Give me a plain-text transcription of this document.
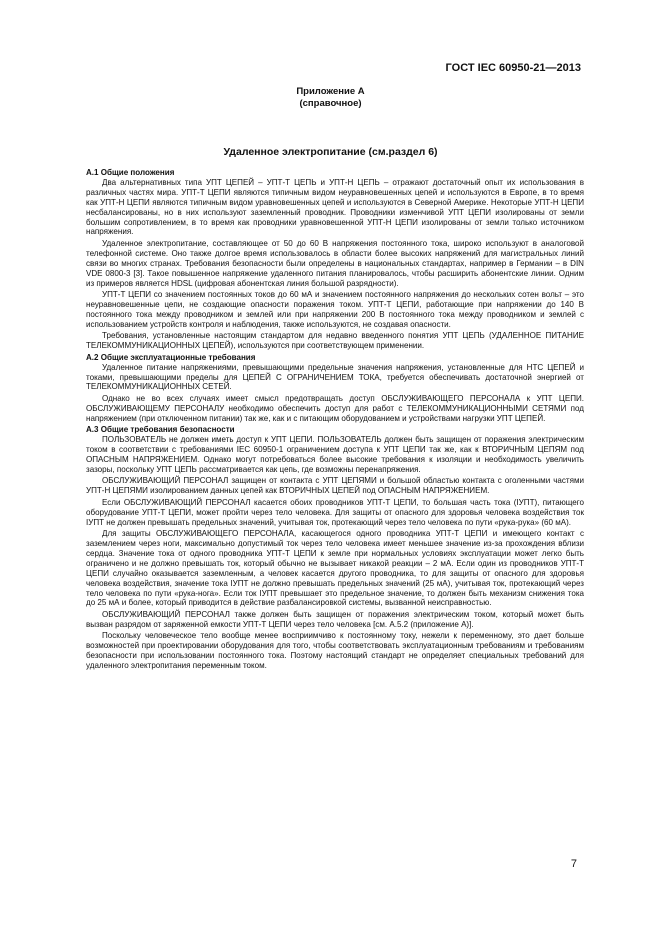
ГОСТ IEC 60950-21—2013
Приложение А
(справочное)
Удаленное электропитание (см.раздел 6)
А.1 Общие положения

Два альтернативных типа УПТ ЦЕПЕЙ – УПТ-Т ЦЕПЬ и УПТ-Н ЦЕПЬ – отражают достаточный опыт их использования в различных частях мира. УПТ-Т ЦЕПИ являются типичным видом неуравновешенных цепей и используются в Европе, в то время как УПТ-Н ЦЕПИ являются типичным видом уравновешенных цепей и используются в Северной Америке. Некоторые УПТ-Н ЦЕПИ несбалансированы, но в них используют заземленный проводник. Проводники изменчивой УПТ ЦЕПИ изолированы от земли большим сопротивлением, в то время как проводники уравновешенной УПТ-Н ЦЕПИ изолированы от земли только источником напряжения.

Удаленное электропитание, составляющее от 50 до 60 В напряжения постоянного тока, широко используют в аналоговой телефонной системе. Оно также долгое время использовалось в области более высоких напряжений для магистральных линий связи во многих странах. Требования безопасности были определены в национальных стандартах, например в Германии – в DIN VDE 0800-3 [3]. Такое повышенное напряжение удаленного питания планировалось, чтобы расширить абонентские линии. Одним из примеров является HDSL (цифровая абонентская линия большой разрядности).

УПТ-Т ЦЕПИ со значением постоянных токов до 60 мА и значением постоянного напряжения до нескольких сотен вольт – это неуравновешенные цепи, не создающие опасности поражения током. УПТ-Т ЦЕПИ, работающие при напряжении до 140 В постоянного тока между проводником и землей или при напряжении 200 В постоянного тока между проводником и землей с использованием устройств контроля и наблюдения, также используются, не создавая опасности.

Требования, установленные настоящим стандартом для недавно введенного понятия УПТ ЦЕПЬ (УДАЛЕННОЕ ПИТАНИЕ ТЕЛЕКОММУНИКАЦИОННЫХ ЦЕПЕЙ), используются при соответствующем применении.

А.2 Общие эксплуатационные требования

Удаленное питание напряжениями, превышающими предельные значения напряжения, установленные для НТС ЦЕПЕЙ и токами, превышающими пределы для ЦЕПЕЙ С ОГРАНИЧЕНИЕМ ТОКА, требуется обеспечивать достаточной энергией от ТЕЛЕКОММУНИКАЦИОННЫХ СЕТЕЙ.

Однако не во всех случаях имеет смысл предотвращать доступ ОБСЛУЖИВАЮЩЕГО ПЕРСОНАЛА к УПТ ЦЕПИ. ОБСЛУЖИВАЮЩЕМУ ПЕРСОНАЛУ необходимо обеспечить доступ для работ с ТЕЛЕКОММУНИКАЦИОННЫМИ СЕТЯМИ под напряжением (при отключенном питании) так же, как и с питающим оборудованием и устройствами нагрузки УПТ ЦЕПЕЙ.

А.3 Общие требования безопасности

ПОЛЬЗОВАТЕЛЬ не должен иметь доступ к УПТ ЦЕПИ. ПОЛЬЗОВАТЕЛЬ должен быть защищен от поражения электрическим током в соответствии с требованиями IEC 60950-1 ограничением доступа к УПТ ЦЕПИ так же, как к ВТОРИЧНЫМ ЦЕПЯМ под ОПАСНЫМ НАПРЯЖЕНИЕМ. Однако могут потребоваться более высокие требования к изоляции и необходимость увеличить зазоры, поскольку УПТ ЦЕПЬ рассматривается как цепь, где возможны перенапряжения.

ОБСЛУЖИВАЮЩИЙ ПЕРСОНАЛ защищен от контакта с УПТ ЦЕПЯМИ и большой областью контакта с оголенными частями УПТ-Н ЦЕПЯМИ изолированием данных цепей как ВТОРИЧНЫХ ЦЕПЕЙ под ОПАСНЫМ НАПРЯЖЕНИЕМ.

Если ОБСЛУЖИВАЮЩИЙ ПЕРСОНАЛ касается обоих проводников УПТ-Т ЦЕПИ, то большая часть тока (IУПТ), питающего оборудование УПТ-Т ЦЕПИ, может пройти через тело человека. Для защиты от опасного для здоровья человека воздействия ток IУПТ не должен превышать предельных значений, учитывая ток, протекающий через тело человека по пути «рука-рука» (60 мА).

Для защиты ОБСЛУЖИВАЮЩЕГО ПЕРСОНАЛА, касающегося одного проводника УПТ-Т ЦЕПИ и имеющего контакт с заземлением через ноги, максимально допустимый ток через тело человека имеет меньшее значение из-за прохождения вблизи сердца. Значение тока от одного проводника УПТ-Т ЦЕПИ к земле при нормальных условиях эксплуатации может легко быть ограничено и не должно превышать ток, который обычно не вызывает никакой реакции – 2 мА. Если один из проводников УПТ-Т ЦЕПИ случайно оказывается заземленным, а человек касается другого проводника, то для защиты от опасного для здоровья человека воздействия, значение тока IУПТ не должно превышать предельных значений (25 мА), учитывая ток, протекающий через тело человека по пути «рука-нога». Если ток IУПТ превышает это предельное значение, то должен быть механизм снижения тока до 25 мА и более, который приводится в действие разбалансировкой системы, вызванной неисправностью.

ОБСЛУЖИВАЮЩИЙ ПЕРСОНАЛ также должен быть защищен от поражения электрическим током, который может быть вызван разрядом от заряженной емкости УПТ-Т ЦЕПИ через тело человека [см. А.5.2 (приложение А)].

Поскольку человеческое тело вообще менее восприимчиво к постоянному току, нежели к переменному, это дает больше возможностей при проектировании оборудования для того, чтобы соответствовать эксплуатационным требованиям и требованиям безопасности при использовании постоянного тока. Поэтому настоящий стандарт не определяет специальных требований для удаленного электропитания переменным током.

7
